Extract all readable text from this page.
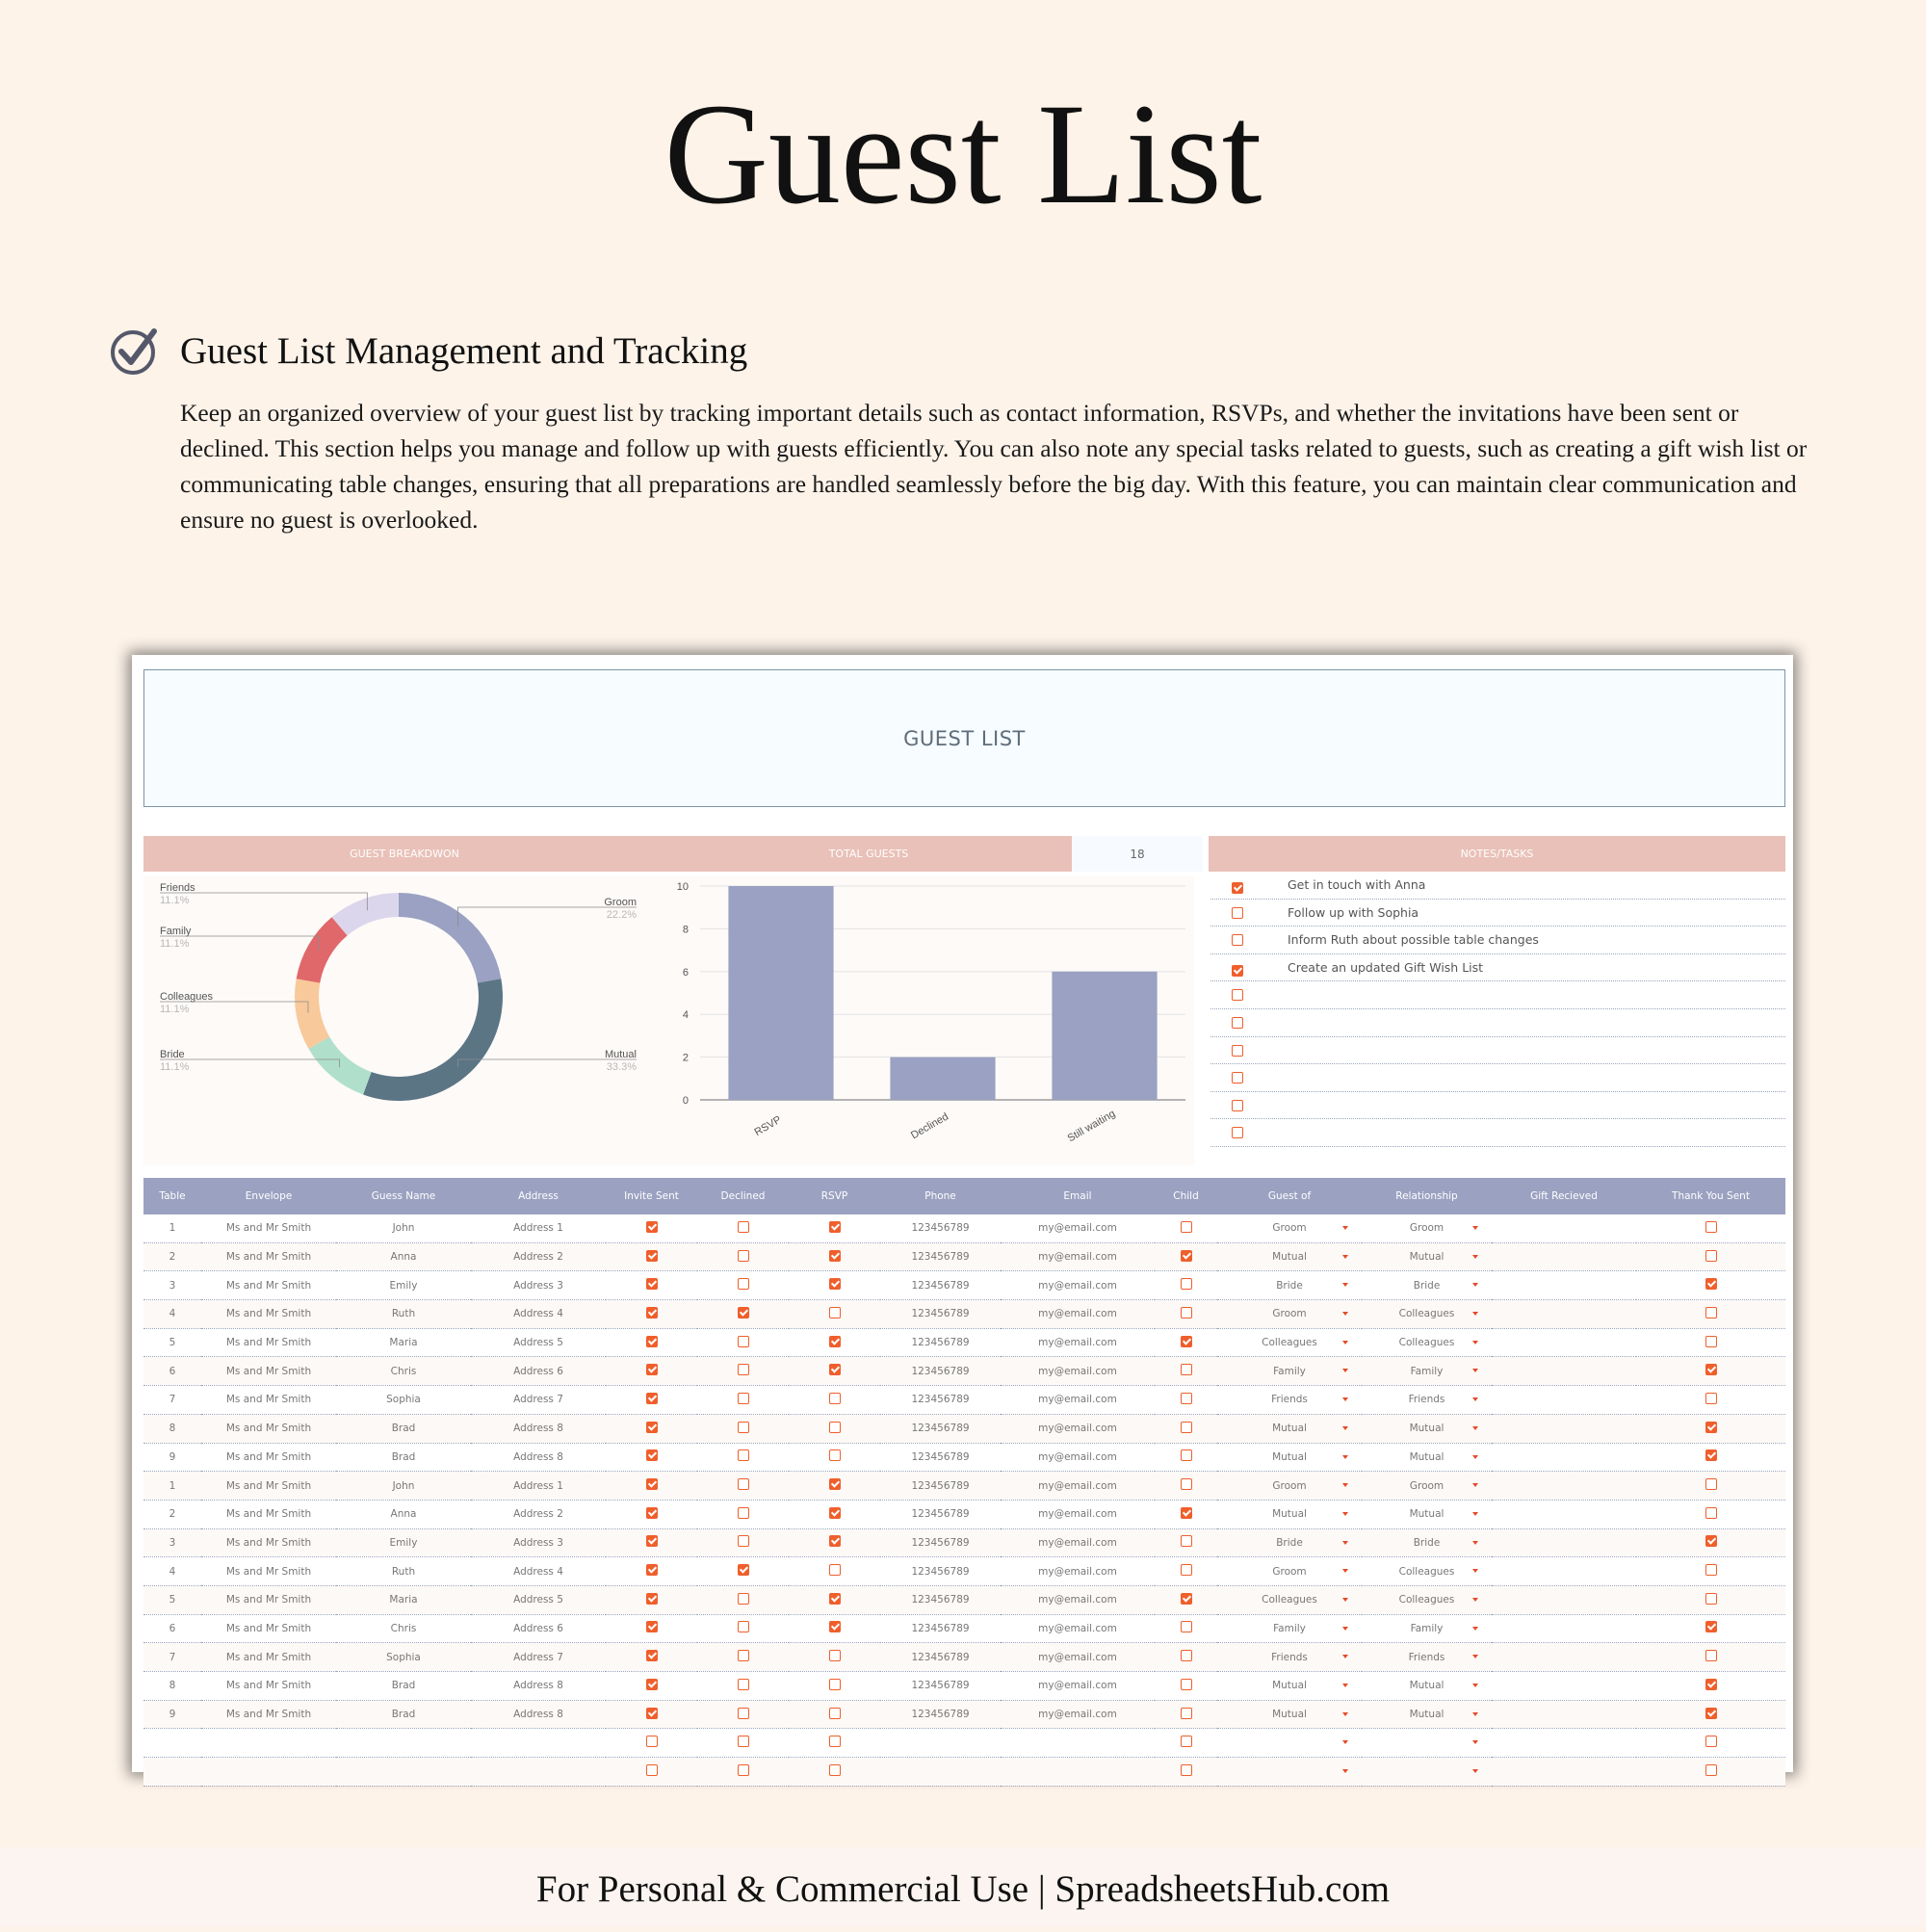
Guest List
Guest List Management and Tracking

Keep an organized overview of your guest list by tracking important details such as contact information, RSVPs, and whether the invitations have been sent or declined. This section helps you manage and follow up with guests efficiently. You can also note any special tasks related to guests, such as creating a gift wish list or communicating table changes, ensuring that all preparations are handled seamlessly before the big day. With this feature, you can maintain clear communication and ensure no guest is overlooked.

GUEST LIST
GUEST BREAKDWON	TOTAL GUESTS	18	NOTES/TASKS
Groom
22.2%
Mutual
33.3%
Bride
11.1%
Colleagues
11.1%
Family
11.1%
Friends
11.1%
0
2
4
6
8
10
RSVP	Declined	Still waiting
Get in touch with Anna
Follow up with Sophia
Inform Ruth about possible table changes
Create an updated Gift Wish List
Table	Envelope	Guess Name	Address	Invite Sent	Declined	RSVP	Phone	Email	Child	Guest of	Relationship	Gift Recieved	Thank You Sent
1	Ms and Mr Smith	John	Address 1				123456789	my@email.com		Groom	Groom

2	Ms and Mr Smith	Anna	Address 2				123456789	my@email.com		Mutual	Mutual

3	Ms and Mr Smith	Emily	Address 3				123456789	my@email.com		Bride	Bride

4	Ms and Mr Smith	Ruth	Address 4				123456789	my@email.com		Groom	Colleagues

5	Ms and Mr Smith	Maria	Address 5				123456789	my@email.com		Colleagues	Colleagues

6	Ms and Mr Smith	Chris	Address 6				123456789	my@email.com		Family	Family

7	Ms and Mr Smith	Sophia	Address 7				123456789	my@email.com		Friends	Friends

8	Ms and Mr Smith	Brad	Address 8				123456789	my@email.com		Mutual	Mutual

9	Ms and Mr Smith	Brad	Address 8				123456789	my@email.com		Mutual	Mutual

1	Ms and Mr Smith	John	Address 1				123456789	my@email.com		Groom	Groom

2	Ms and Mr Smith	Anna	Address 2				123456789	my@email.com		Mutual	Mutual

3	Ms and Mr Smith	Emily	Address 3				123456789	my@email.com		Bride	Bride

4	Ms and Mr Smith	Ruth	Address 4				123456789	my@email.com		Groom	Colleagues

5	Ms and Mr Smith	Maria	Address 5				123456789	my@email.com		Colleagues	Colleagues

6	Ms and Mr Smith	Chris	Address 6				123456789	my@email.com		Family	Family

7	Ms and Mr Smith	Sophia	Address 7				123456789	my@email.com		Friends	Friends

8	Ms and Mr Smith	Brad	Address 8				123456789	my@email.com		Mutual	Mutual

9	Ms and Mr Smith	Brad	Address 8				123456789	my@email.com		Mutual	Mutual

For Personal & Commercial Use | SpreadsheetsHub.com
